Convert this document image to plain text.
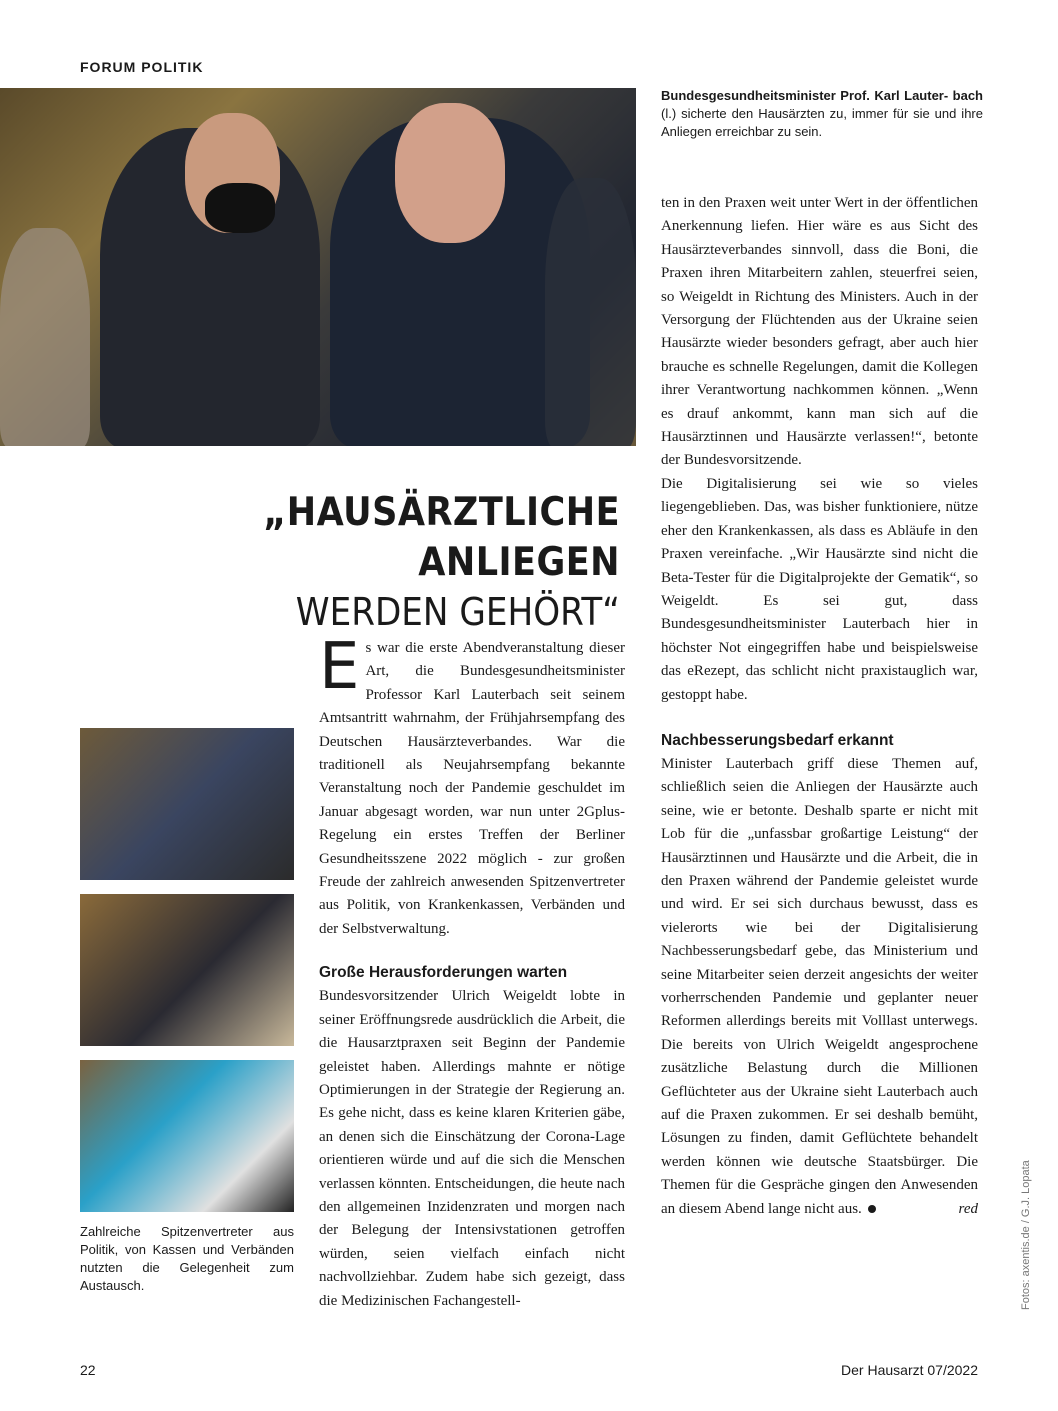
FORUM POLITIK
Bundesgesundheitsminister Prof. Karl Lauter- bach (l.) sicherte den Hausärzten zu, immer für sie und ihre Anliegen erreichbar zu sein.
„HAUSÄRZTLICHE ANLIEGEN
WERDEN GEHÖRT“
Zahlreiche Spitzenvertreter aus Politik, von Kassen und Verbänden nutzten die Gelegenheit zum Austausch.

Es war die erste Abendveranstaltung dieser Art, die Bundesgesundheitsminister Professor Karl Lauterbach seit seinem Amtsantritt wahrnahm, der Frühjahrsempfang des Deutschen Hausärzteverbandes. War die traditionell als Neujahrsempfang bekannte Veranstaltung noch der Pandemie geschuldet im Januar abgesagt worden, war nun unter 2Gplus-Regelung ein erstes Treffen der Berliner Gesundheitsszene 2022 möglich - zur großen Freude der zahlreich anwesenden Spitzenvertreter aus Politik, von Krankenkassen, Verbänden und der Selbstverwaltung.

Große Herausforderungen warten

Bundesvorsitzender Ulrich Weigeldt lobte in seiner Eröffnungsrede ausdrücklich die Arbeit, die die Hausarztpraxen seit Beginn der Pandemie geleistet haben. Allerdings mahnte er nötige Optimierungen in der Strategie der Regierung an. Es gehe nicht, dass es keine klaren Kriterien gäbe, an denen sich die Einschätzung der Corona-Lage orientieren würde und auf die sich die Menschen verlassen könnten. Entscheidungen, die heute nach den allgemeinen Inzidenzraten und morgen nach der Belegung der Intensivstationen getroffen würden, seien vielfach einfach nicht nachvollziehbar. Zudem habe sich gezeigt, dass die Medizinischen Fachangestell-

ten in den Praxen weit unter Wert in der öffentlichen Anerkennung liefen. Hier wäre es aus Sicht des Hausärzteverbandes sinnvoll, dass die Boni, die Praxen ihren Mitarbeitern zahlen, steuerfrei seien, so Weigeldt in Richtung des Ministers. Auch in der Versorgung der Flüchtenden aus der Ukraine seien Hausärzte wieder besonders gefragt, aber auch hier brauche es schnelle Regelungen, damit die Kollegen ihrer Verantwortung nachkommen können. „Wenn es drauf ankommt, kann man sich auf die Hausärztinnen und Hausärzte verlassen!“, betonte der Bundesvorsitzende.

Die Digitalisierung sei wie so vieles liegengeblieben. Das, was bisher funktioniere, nütze eher den Krankenkassen, als dass es Abläufe in den Praxen vereinfache. „Wir Hausärzte sind nicht die Beta-Tester für die Digitalprojekte der Gematik“, so Weigeldt. Es sei gut, dass Bundesgesundheitsminister Lauterbach hier in höchster Not eingegriffen habe und beispielsweise das eRezept, das schlicht nicht praxistauglich war, gestoppt habe.

Nachbesserungsbedarf erkannt

Minister Lauterbach griff diese Themen auf, schließlich seien die Anliegen der Hausärzte auch seine, wie er betonte. Deshalb sparte er nicht mit Lob für die „unfassbar großartige Leistung“ der Hausärztinnen und Hausärzte und die Arbeit, die in den Praxen während der Pandemie geleistet wurde und wird. Er sei sich durchaus bewusst, dass es vielerorts wie bei der Digitalisierung Nachbesserungsbedarf gebe, das Ministerium und seine Mitarbeiter seien derzeit angesichts der weiter vorherrschenden Pandemie und geplanter neuer Reformen allerdings bereits mit Volllast unterwegs. Die bereits von Ulrich Weigeldt angesprochene zusätzliche Belastung durch die Millionen Geflüchteter aus der Ukraine sieht Lauterbach auch auf die Praxen zukommen. Er sei deshalb bemüht, Lösungen zu finden, damit Geflüchtete behandelt werden können wie deutsche Staatsbürger. Die Themen für die Gespräche gingen den Anwesenden an diesem Abend lange nicht aus.	red	Fotos: axentis.de / G.J. Lopata
22	Der Hausarzt 07/2022
